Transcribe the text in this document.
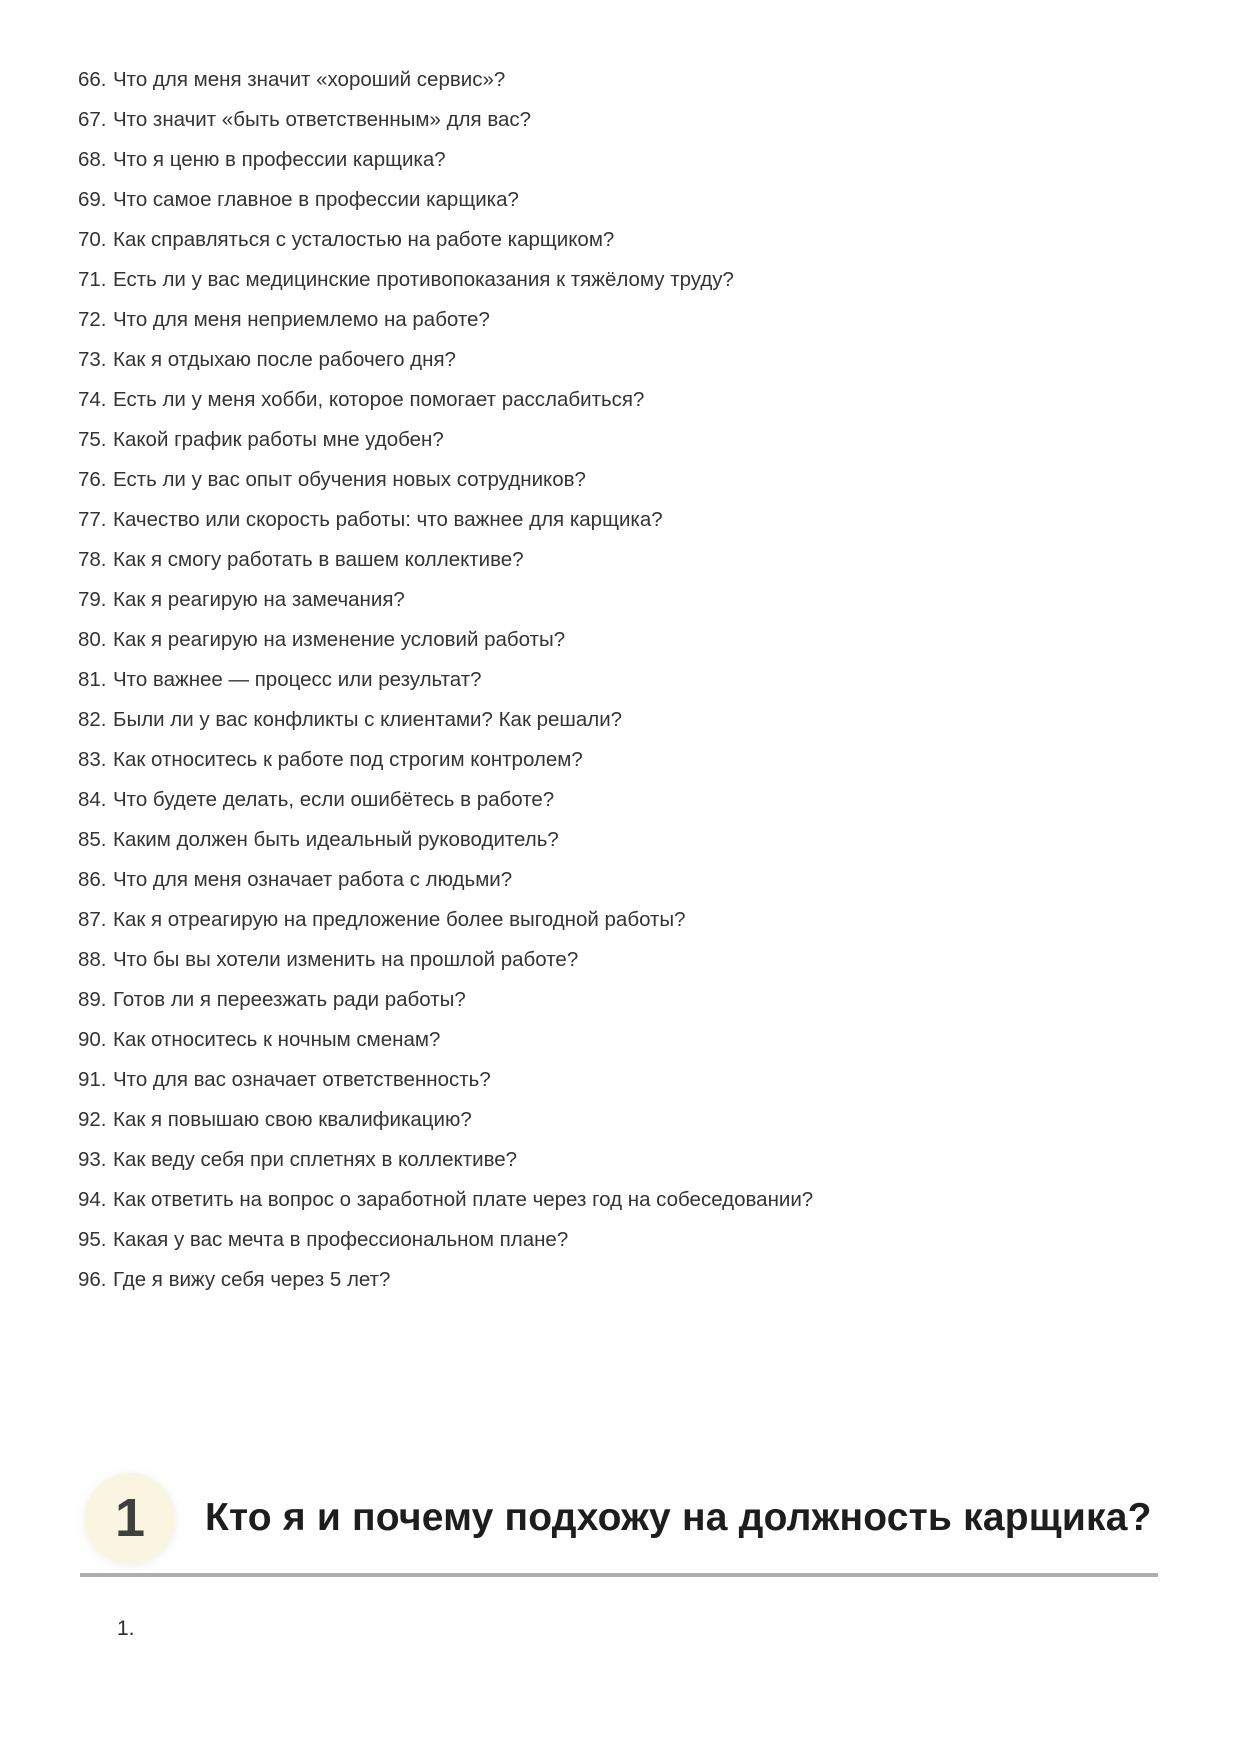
66. Что для меня значит «хороший сервис»?
67. Что значит «быть ответственным» для вас?
68. Что я ценю в профессии карщика?
69. Что самое главное в профессии карщика?
70. Как справляться с усталостью на работе карщиком?
71. Есть ли у вас медицинские противопоказания к тяжёлому труду?
72. Что для меня неприемлемо на работе?
73. Как я отдыхаю после рабочего дня?
74. Есть ли у меня хобби, которое помогает расслабиться?
75. Какой график работы мне удобен?
76. Есть ли у вас опыт обучения новых сотрудников?
77. Качество или скорость работы: что важнее для карщика?
78. Как я смогу работать в вашем коллективе?
79. Как я реагирую на замечания?
80. Как я реагирую на изменение условий работы?
81. Что важнее — процесс или результат?
82. Были ли у вас конфликты с клиентами? Как решали?
83. Как относитесь к работе под строгим контролем?
84. Что будете делать, если ошибётесь в работе?
85. Каким должен быть идеальный руководитель?
86. Что для меня означает работа с людьми?
87. Как я отреагирую на предложение более выгодной работы?
88. Что бы вы хотели изменить на прошлой работе?
89. Готов ли я переезжать ради работы?
90. Как относитесь к ночным сменам?
91. Что для вас означает ответственность?
92. Как я повышаю свою квалификацию?
93. Как веду себя при сплетнях в коллективе?
94. Как ответить на вопрос о заработной плате через год на собеседовании?
95. Какая у вас мечта в профессиональном плане?
96. Где я вижу себя через 5 лет?
1 Кто я и почему подхожу на должность карщика?
1.
